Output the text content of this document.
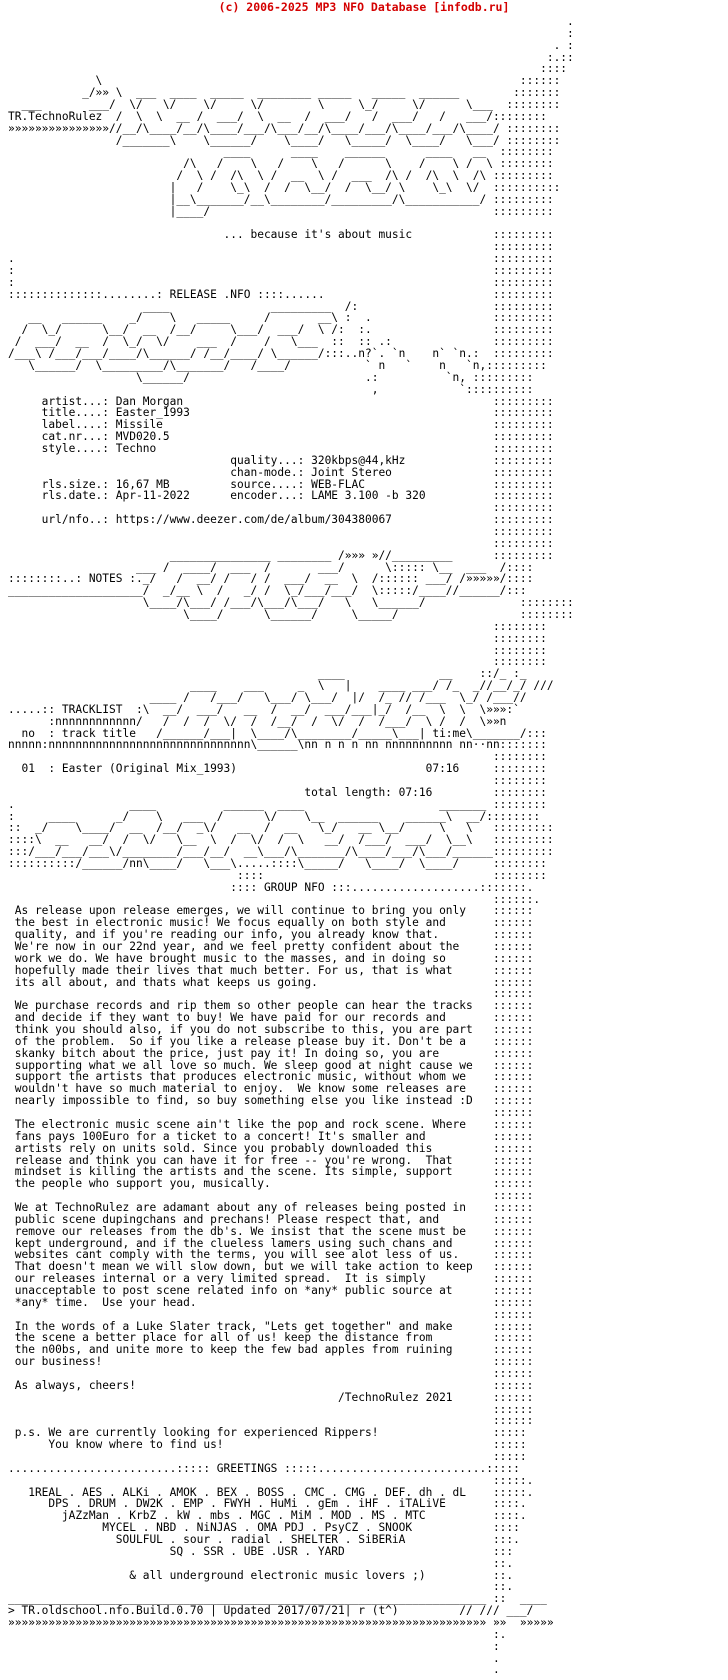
(c) 2006-2025 MP3 NFO Database [infodb.ru]
.
:
. :
:.::
::::
\                                                              ::::::
_/»» \  ___  ____  _____  ________ _____   _____  ______        :::::::
___       ___/  \/   \/    \/     \/        \     \_/     \/      \___  ::::::::
TR.TechnoRulez  /  \  \  __ /  ___/  \  __  /  ___/   /  ___/   /   ___/::::::::
»»»»»»»»»»»»»»»//__/\____/__/\____/___/\___/__/\____/___/\____/___/\____/ ::::::::
/_______\    \______/    \____/   \_____/  \____/   \___/ ::::::::
____      ____    ______      ____   __  ::::::::
/\   /    \   /    \   /      \    /    \ /  \ ::::::::
/  \ /  /\  \ /  __  \ /  ___  /\ /  /\  \  /\ :::::::::
|   /    \_\  /  /  \__/  /  \__/ \    \_\  \/  ::::::::::
|__\_______/__\________/_________/\___________/ :::::::::
|____/                                          :::::::::

... because it's about music            :::::::::
:::::::::
.                                                                       :::::::::
:                                                                       :::::::::
:                                                                       :::::::::
::::::::::::::........: RELEASE .NFO ::::......                         :::::::::
____               _________  /:                    :::::::::
__   ______    _/    \   _____     /       __\ :  .                  :::::::::
/  \_/      \__/  __  /__/     \___/  ___/  \ /:  :.                  :::::::::
/  ___/  __  /  \_/  \/    ___  /    /   \___  ::  :: .:               :::::::::
/___\ /___/___/____/\______/ /__/____/ \______/:::..n?`. `n    n` `n.:  :::::::::
\______/  \_________/\_______/   /____/           ` n   `    n   `n,:::::::::
\______/                          .:          `n, :::::::::
,            `::::::::::
artist...: Dan Morgan                                              :::::::::
title....: Easter_1993                                             :::::::::
label....: Missile                                                 :::::::::
cat.nr...: MVD020.5                                                :::::::::
style....: Techno                                                  :::::::::
quality...: 320kbps@44,kHz             :::::::::
chan-mode.: Joint Stereo               :::::::::
rls.size.: 16,67 MB         source....: WEB-FLAC                   :::::::::
rls.date.: Apr-11-2022      encoder...: LAME 3.100 -b 320          :::::::::
:::::::::
url/nfo..: https://www.deezer.com/de/album/304380067               :::::::::
:::::::::
:::::::::
_______________ ________ /»»» »//_________      :::::::::
___ /  ____/  ___  /       ___/      \::::: \__  ___  /::::
::::::::..: NOTES :._/   /  __/ /   / /  ___/  __  \  /:::::: ___/ /»»»»»/::::
____________________/  _/__ \  /   _/ /  \_/___/___/  \:::::/____//______/:::
\____/\___/ /___/\___/\___/   \   \______/              ::::::::
\____/      \______/     \_____/                  ::::::::
::::::::
::::::::
::::::::
::::::::
____              __    ::/_ :_
____    ___     _  \   |    ____ ___/ /_  _//__/_/ ///
____ /   /___/   \___/ \___/  |/  /_ // /___  \_/ /___//
.....:: TRACKLIST  :\  __/  ___/   __  /  __/  ___/___|_/  /__  \  \  \»»»:`
:nnnnnnnnnnnn/   /  /  /  \/  /  /__/  /  \/  /  /___/  \ /  /  \»»n
no  : track title   /______/___|  \____/\________/_____\___| ti:me\_______/:::
nnnnn:nnnnnnnnnnnnnnnnnnnnnnnnnnnnnn\______\nn n n n nn nnnnnnnnnn nn··nn:::::::
::::::::
01  : Easter (Original Mix_1993)                            07:16     ::::::::
::::::::
total length: 07:16         ::::::::
.                 ____          ______  ____                    _______ ::::::::
:     ____      _/    \   ___  /      \/    \__  ______    ______\  __/::::::::
::  _/    \____/  __  /__/  _\/   __  /  __   \_/   __ \__/     \   \   :::::::::
::::\  __   __/  /  \/   \__  \  /  \/  /  \   __/  /___/  ___/  \__\   :::::::::
:::/___/___/___\/________/___/__/  __\___/\_______/\____/___/\___/______:::::::::
::::::::::/______/nn\____/   \___\.....::::\_____/   \____/  \____/     ::::::::
::::                                  ::::::::
:::: GROUP NFO :::...................:::::::.
::::::.
As release upon release emerges, we will continue to bring you only    ::::::
the best in electronic music! We focus equally on both style and       ::::::
quality, and if you're reading our info, you already know that.        ::::::
We're now in our 22nd year, and we feel pretty confident about the     ::::::
work we do. We have brought music to the masses, and in doing so       ::::::
hopefully made their lives that much better. For us, that is what      ::::::
its all about, and thats what keeps us going.                          ::::::
::::::
We purchase records and rip them so other people can hear the tracks   ::::::
and decide if they want to buy! We have paid for our records and       ::::::
think you should also, if you do not subscribe to this, you are part   ::::::
of the problem.  So if you like a release please buy it. Don't be a    ::::::
skanky bitch about the price, just pay it! In doing so, you are        ::::::
supporting what we all love so much. We sleep good at night cause we   ::::::
support the artists that produces electronic music, without whom we    ::::::
wouldn't have so much material to enjoy.  We know some releases are    ::::::
nearly impossible to find, so buy something else you like instead :D   ::::::
::::::
The electronic music scene ain't like the pop and rock scene. Where    ::::::
fans pays 100Euro for a ticket to a concert! It's smaller and          ::::::
artists rely on units sold. Since you probably downloaded this         ::::::
release and think you can have it for free -- you're wrong.  That      ::::::
mindset is killing the artists and the scene. Its simple, support      ::::::
the people who support you, musically.                                 ::::::
::::::
We at TechnoRulez are adamant about any of releases being posted in    ::::::
public scene dupingchans and prechans! Please respect that, and        ::::::
remove our releases from the db's. We insist that the scene must be    ::::::
kept underground, and if the clueless lamers using such chans and      ::::::
websites cant comply with the terms, you will see alot less of us.     ::::::
That doesn't mean we will slow down, but we will take action to keep   ::::::
our releases internal or a very limited spread.  It is simply          ::::::
unacceptable to post scene related info on *any* public source at      ::::::
*any* time.  Use your head.                                            ::::::
::::::
In the words of a Luke Slater track, "Lets get together" and make      ::::::
the scene a better place for all of us! keep the distance from         ::::::
the n00bs, and unite more to keep the few bad apples from ruining      ::::::
our business!                                                          ::::::
::::::
As always, cheers!                                                     ::::::
/TechnoRulez 2021      ::::::
::::::
::::::
p.s. We are currently looking for experienced Rippers!                 :::::
You know where to find us!                                        :::::
:::::
.........................::::: GREETINGS :::::.........................:::::
:::::.
1REAL . AES . ALKi . AMOK . BEX . BOSS . CMC . CMG . DEF. dh . dL    :::::.
DPS . DRUM . DW2K . EMP . FWYH . HuMi . gEm . iHF . iTALiVE       ::::.
jAZzMan . KrbZ . kW . mbs . MGC . MiM . MOD . MS . MTC          ::::.
MYCEL . NBD . NiNJAS . OMA PDJ . PsyCZ . SNOOK            ::::
SOULFUL . sour . radial . SHELTER . SiBERiA             :::.
SQ . SSR . UBE .USR . YARD                      :::
::.
& all underground electronic music lovers ;)          ::.
::.
_______________________________________________________________________ ::  ____
> TR.oldschool.nfo.Build.0.70 | Updated 2017/07/21| r (t^)         // /// ___/
»»»»»»»»»»»»»»»»»»»»»»»»»»»»»»»»»»»»»»»»»»»»»»»»»»»»»»»»»»»»»»»»»»»»»»» »»  »»»»»
:.
:
.
.
